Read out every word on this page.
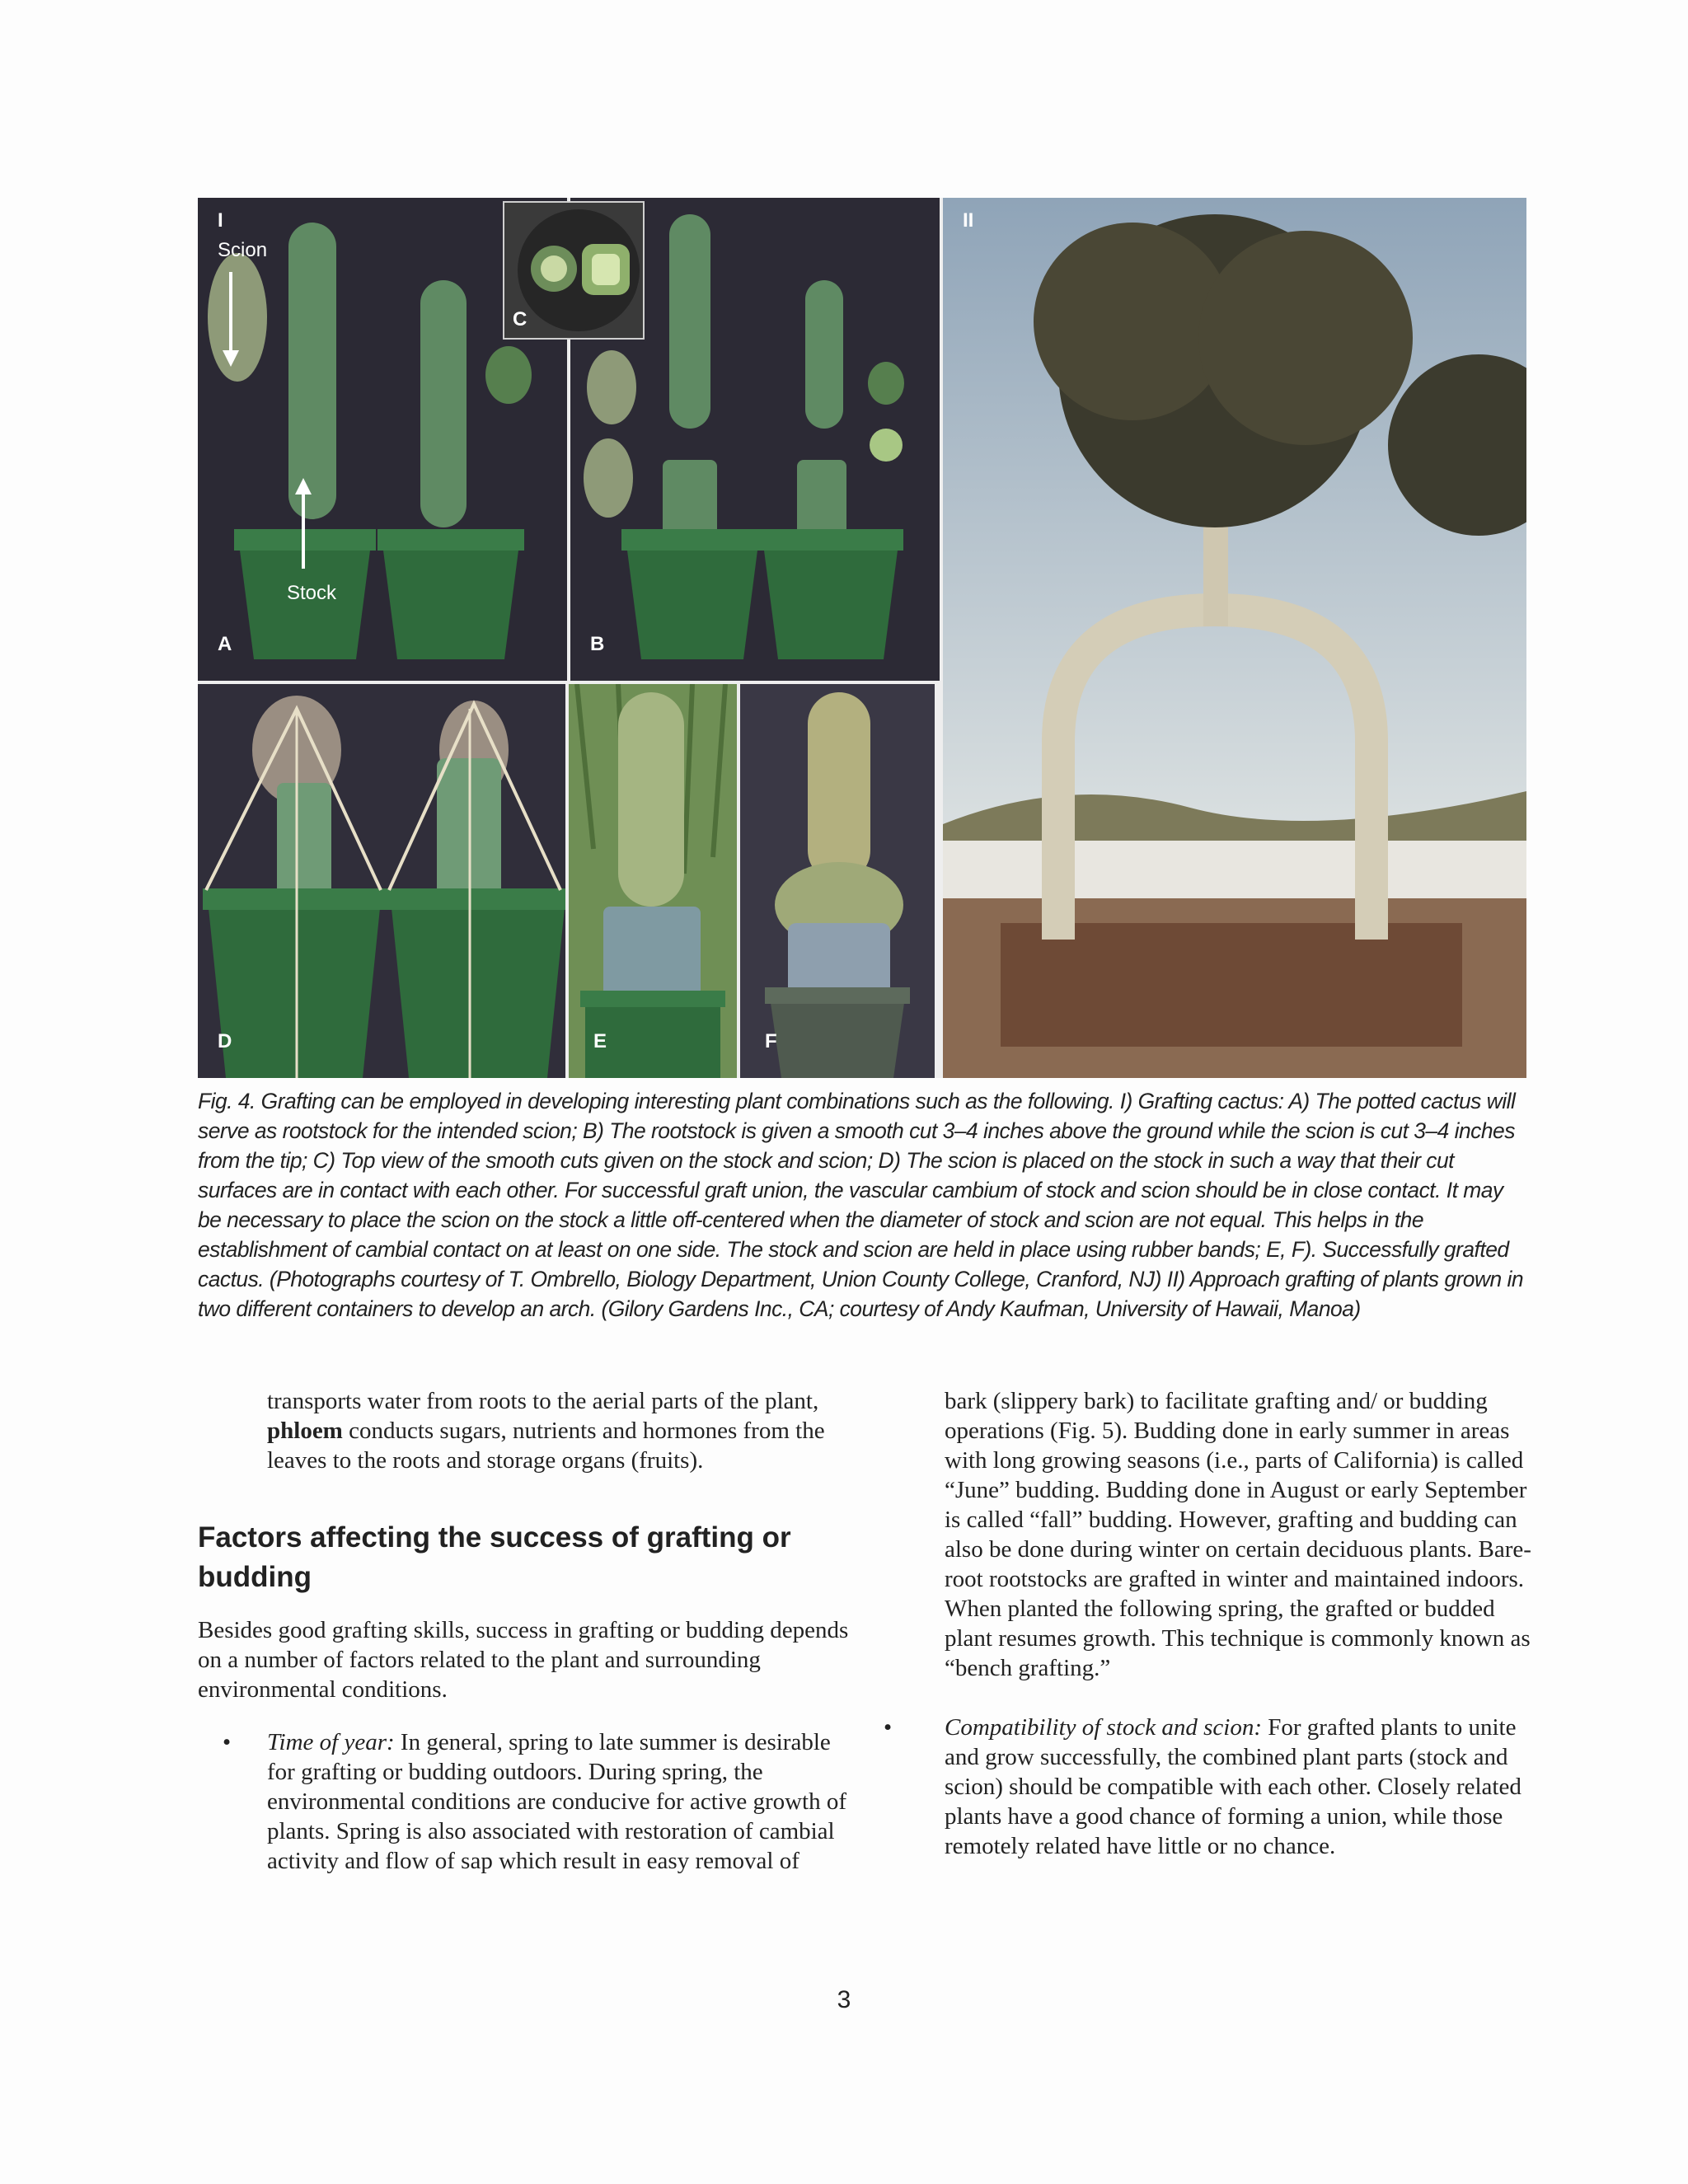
I
Scion
Stock
A	B
C
D	E	F
II

Fig. 4. Grafting can be employed in developing interesting plant combinations such as the following. I) Grafting cactus: A) The potted cactus will serve as rootstock for the intended scion; B) The rootstock is given a smooth cut 3–4 inches above the ground while the scion is cut 3–4 inches from the tip; C) Top view of the smooth cuts given on the stock and scion; D) The scion is placed on the stock in such a way that their cut surfaces are in contact with each other. For successful graft union, the vascular cambium of stock and scion should be in close contact. It may be necessary to place the scion on the stock a little off-centered when the diameter of stock and scion are not equal. This helps in the establishment of cambial contact on at least on one side. The stock and scion are held in place using rubber bands; E, F). Successfully grafted cactus. (Photographs courtesy of T. Ombrello, Biology Department, Union County College, Cranford, NJ) II) Approach grafting of plants grown in two different containers to develop an arch. (Gilory Gardens Inc., CA; courtesy of Andy Kaufman, University of Hawaii, Manoa)

transports water from roots to the aerial parts of the plant, phloem conducts sugars, nutrients and hormones from the leaves to the roots and storage organs (fruits).

Factors affecting the success of grafting or budding

Besides good grafting skills, success in grafting or budding depends on a number of factors related to the plant and surrounding environmental conditions.

• Time of year: In general, spring to late summer is desirable for grafting or budding outdoors. During spring, the environmental conditions are conducive for active growth of plants. Spring is also associated with restoration of cambial activity and flow of sap which result in easy removal of

bark (slippery bark) to facilitate grafting and/ or budding operations (Fig. 5). Budding done in early summer in areas with long growing seasons (i.e., parts of California) is called “June” budding. Budding done in August or early September is called “fall” budding. However, grafting and budding can also be done during winter on certain deciduous plants. Bare-root rootstocks are grafted in winter and maintained indoors. When planted the following spring, the grafted or budded plant resumes growth. This technique is commonly known as “bench grafting.”

• Compatibility of stock and scion: For grafted plants to unite and grow successfully, the combined plant parts (stock and scion) should be compatible with each other. Closely related plants have a good chance of forming a union, while those remotely related have little or no chance.
3
